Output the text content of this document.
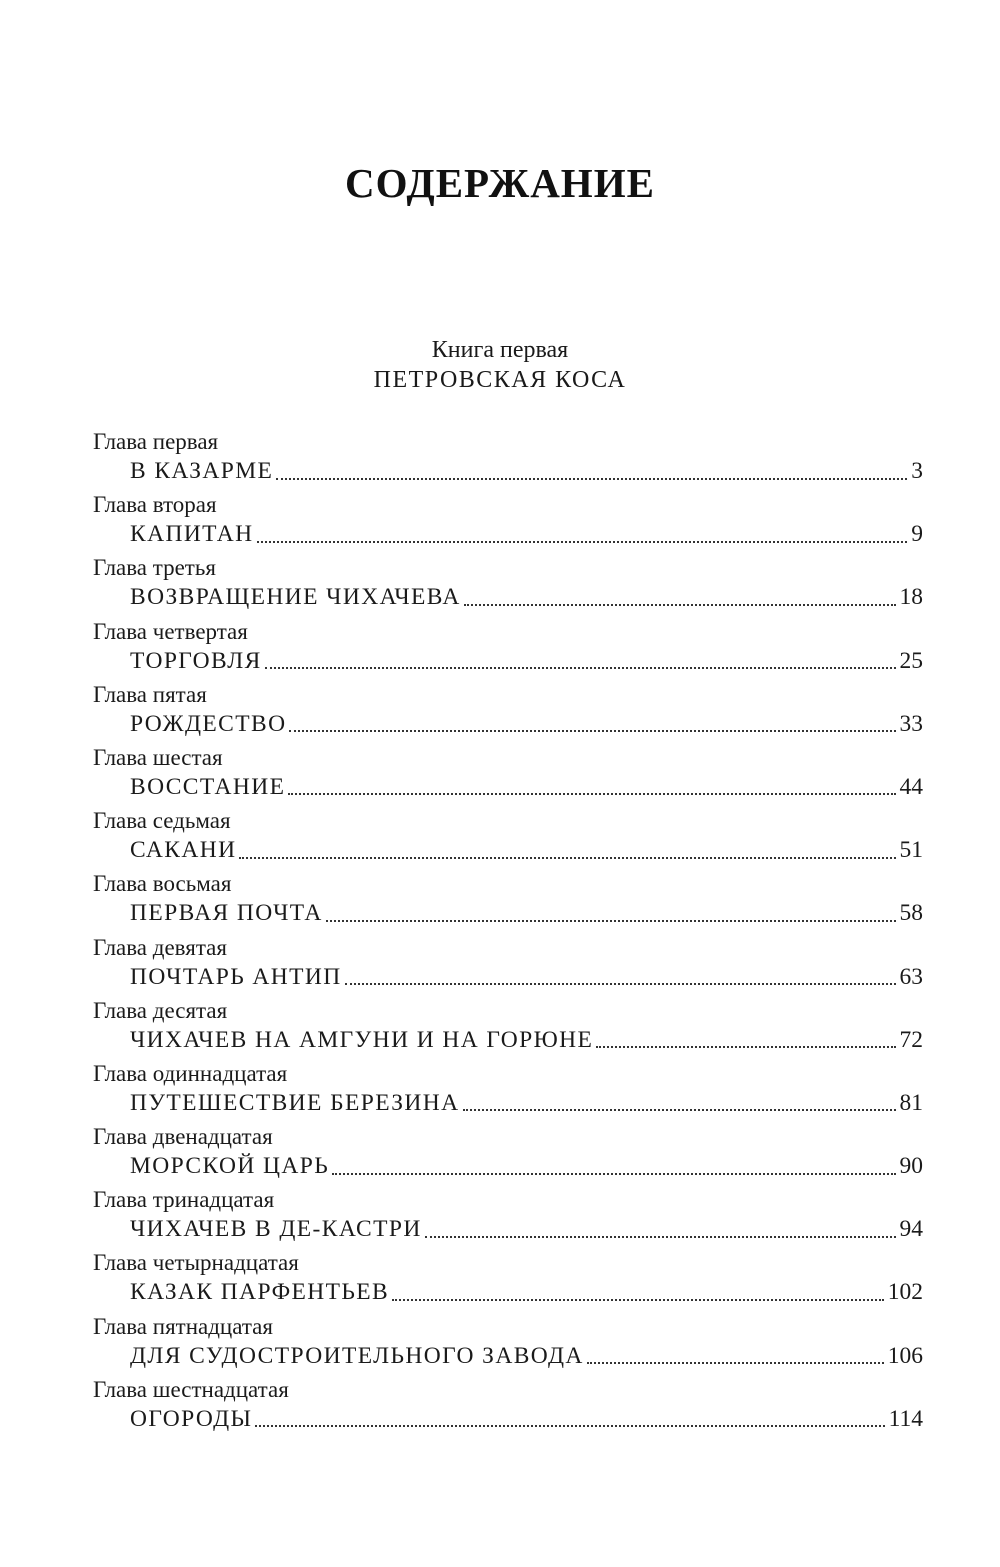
СОДЕРЖАНИЕ
Книга первая
ПЕТРОВСКАЯ КОСА
Глава первая
В КАЗАРМЕ	3
Глава вторая
КАПИТАН	9
Глава третья
ВОЗВРАЩЕНИЕ ЧИХАЧЕВА	18
Глава четвертая
ТОРГОВЛЯ	25
Глава пятая
РОЖДЕСТВО	33
Глава шестая
ВОССТАНИЕ	44
Глава седьмая
САКАНИ	51
Глава восьмая
ПЕРВАЯ ПОЧТА	58
Глава девятая
ПОЧТАРЬ АНТИП	63
Глава десятая
ЧИХАЧЕВ НА АМГУНИ И НА ГОРЮНЕ	72
Глава одиннадцатая
ПУТЕШЕСТВИЕ БЕРЕЗИНА	81
Глава двенадцатая
МОРСКОЙ ЦАРЬ	90
Глава тринадцатая
ЧИХАЧЕВ В ДЕ-КАСТРИ	94
Глава четырнадцатая
КАЗАК ПАРФЕНТЬЕВ	102
Глава пятнадцатая
ДЛЯ СУДОСТРОИТЕЛЬНОГО ЗАВОДА	106
Глава шестнадцатая
ОГОРОДЫ	114
